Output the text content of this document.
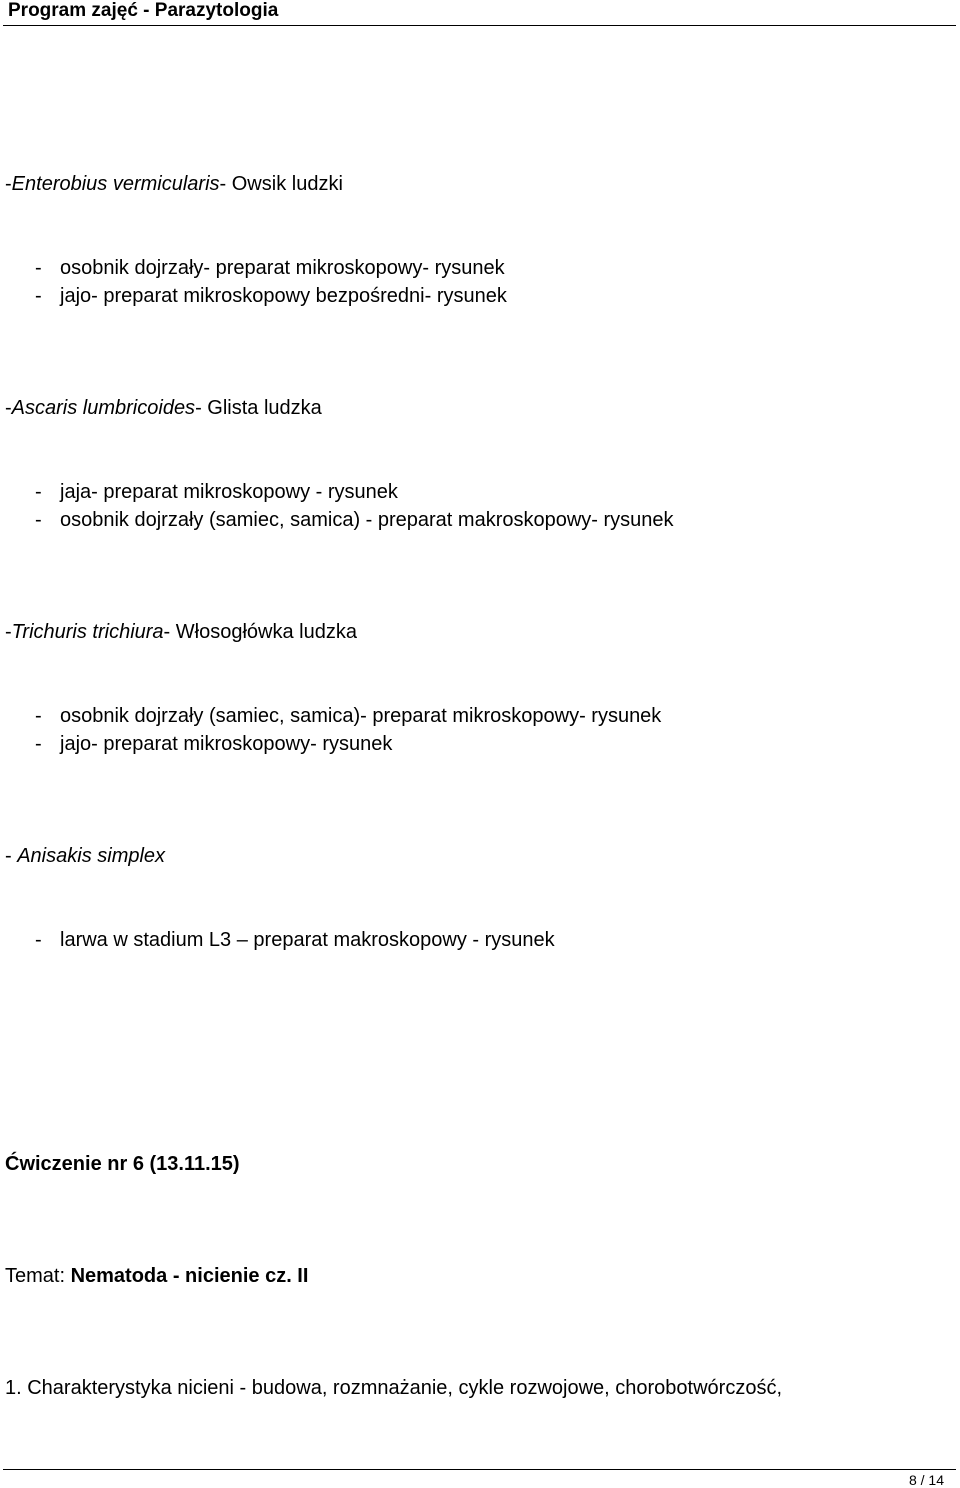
Program zajęć - Parazytologia
-Enterobius vermicularis- Owsik ludzki
- osobnik dojrzały- preparat mikroskopowy- rysunek
- jajo- preparat mikroskopowy bezpośredni- rysunek
-Ascaris lumbricoides- Glista ludzka
- jaja- preparat mikroskopowy - rysunek
- osobnik dojrzały (samiec, samica) - preparat makroskopowy- rysunek
-Trichuris trichiura- Włosogłówka ludzka
- osobnik dojrzały (samiec, samica)- preparat mikroskopowy- rysunek
- jajo- preparat mikroskopowy- rysunek
- Anisakis simplex
- larwa w stadium L3 – preparat makroskopowy - rysunek
Ćwiczenie nr 6 (13.11.15)
Temat: Nematoda - nicienie cz. II
1. Charakterystyka nicieni - budowa, rozmnażanie, cykle rozwojowe, chorobotwórczość,
8 / 14
